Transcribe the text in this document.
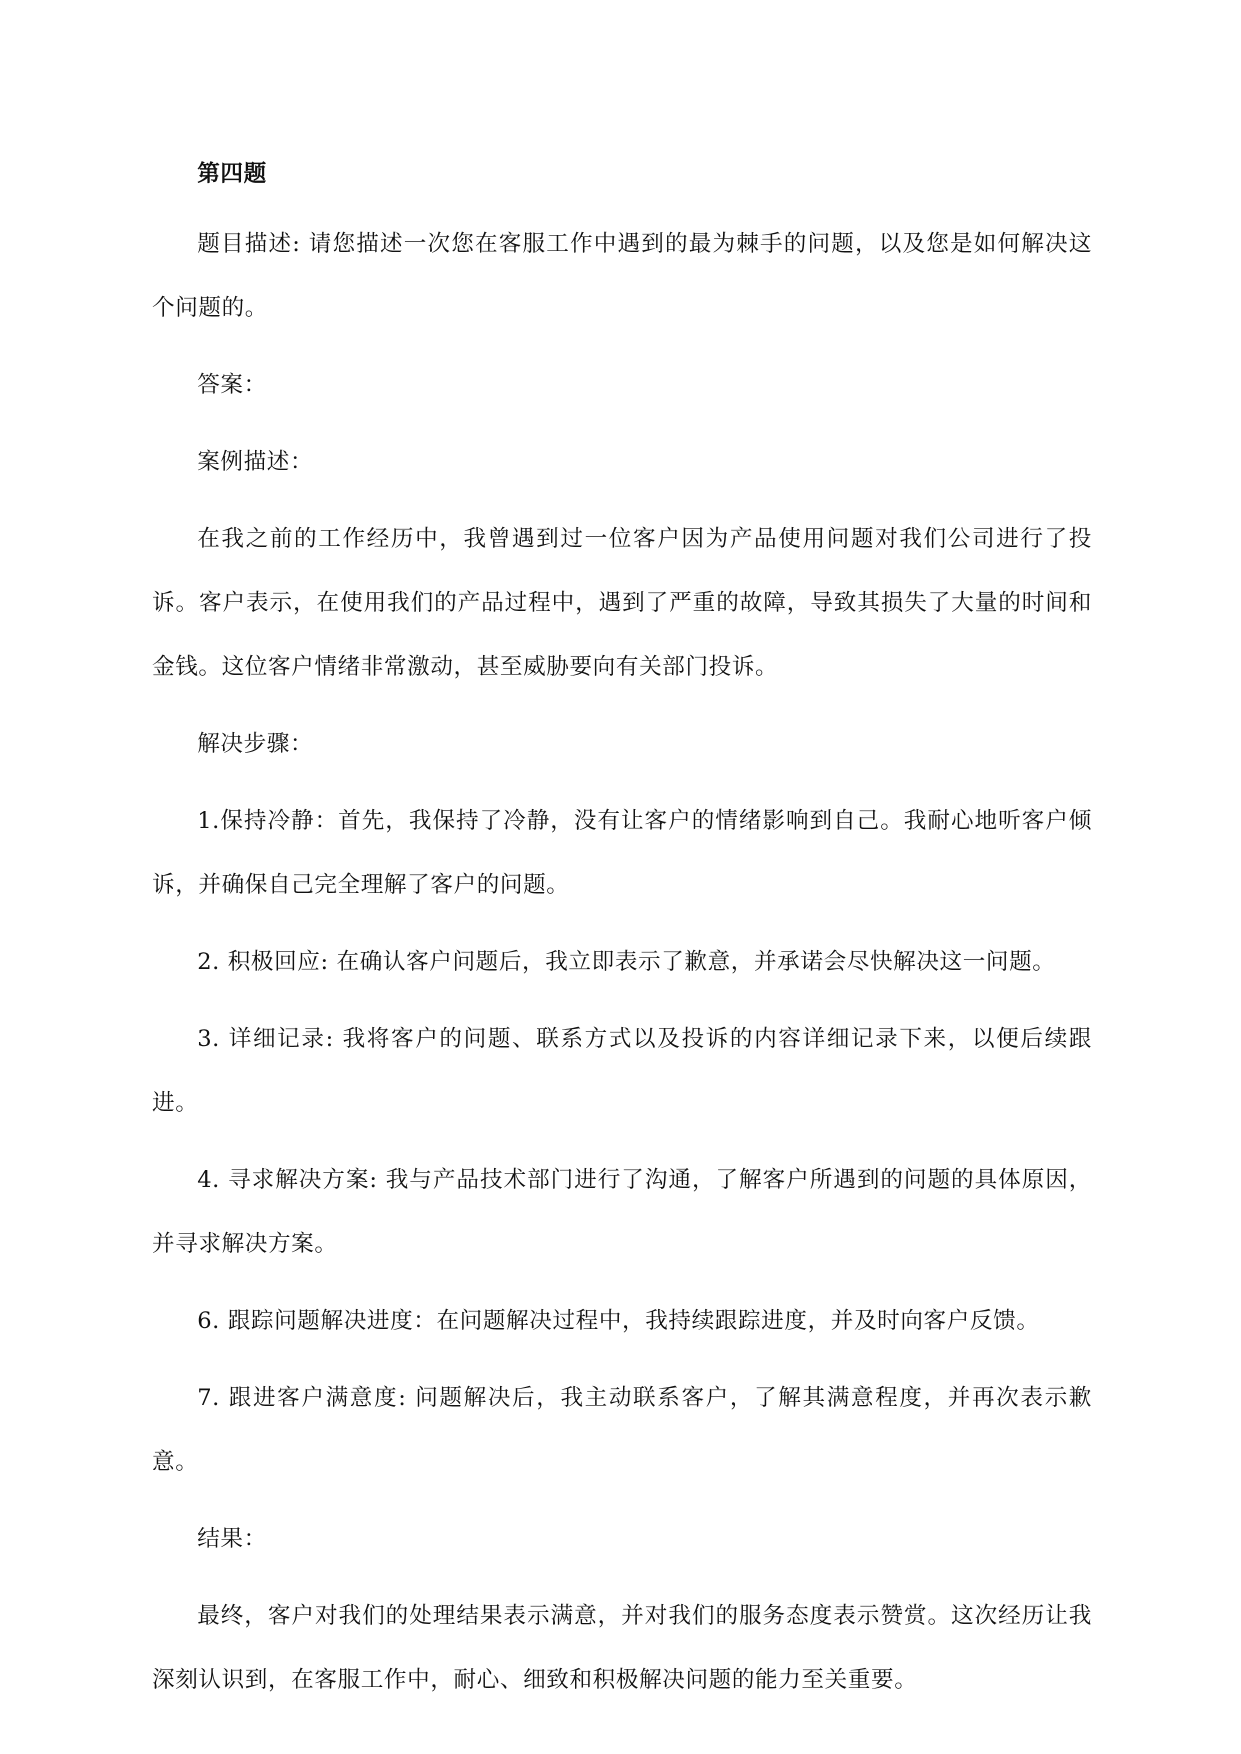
第四题

题目描述: 请您描述一次您在客服工作中遇到的最为棘手的问题，以及您是如何解决这个问题的。

答案：

案例描述：

在我之前的工作经历中，我曾遇到过一位客户因为产品使用问题对我们公司进行了投诉。客户表示，在使用我们的产品过程中，遇到了严重的故障，导致其损失了大量的时间和金钱。这位客户情绪非常激动，甚至威胁要向有关部门投诉。

解决步骤：

1.保持冷静：首先，我保持了冷静，没有让客户的情绪影响到自己。我耐心地听客户倾诉，并确保自己完全理解了客户的问题。

2. 积极回应: 在确认客户问题后，我立即表示了歉意，并承诺会尽快解决这一问题。

3. 详细记录: 我将客户的问题、联系方式以及投诉的内容详细记录下来，以便后续跟进。

4. 寻求解决方案: 我与产品技术部门进行了沟通，了解客户所遇到的问题的具体原因，并寻求解决方案。

6. 跟踪问题解决进度：在问题解决过程中，我持续跟踪进度，并及时向客户反馈。

7. 跟进客户满意度: 问题解决后，我主动联系客户，了解其满意程度，并再次表示歉意。

结果：

最终，客户对我们的处理结果表示满意，并对我们的服务态度表示赞赏。这次经历让我深刻认识到，在客服工作中，耐心、细致和积极解决问题的能力至关重要。
